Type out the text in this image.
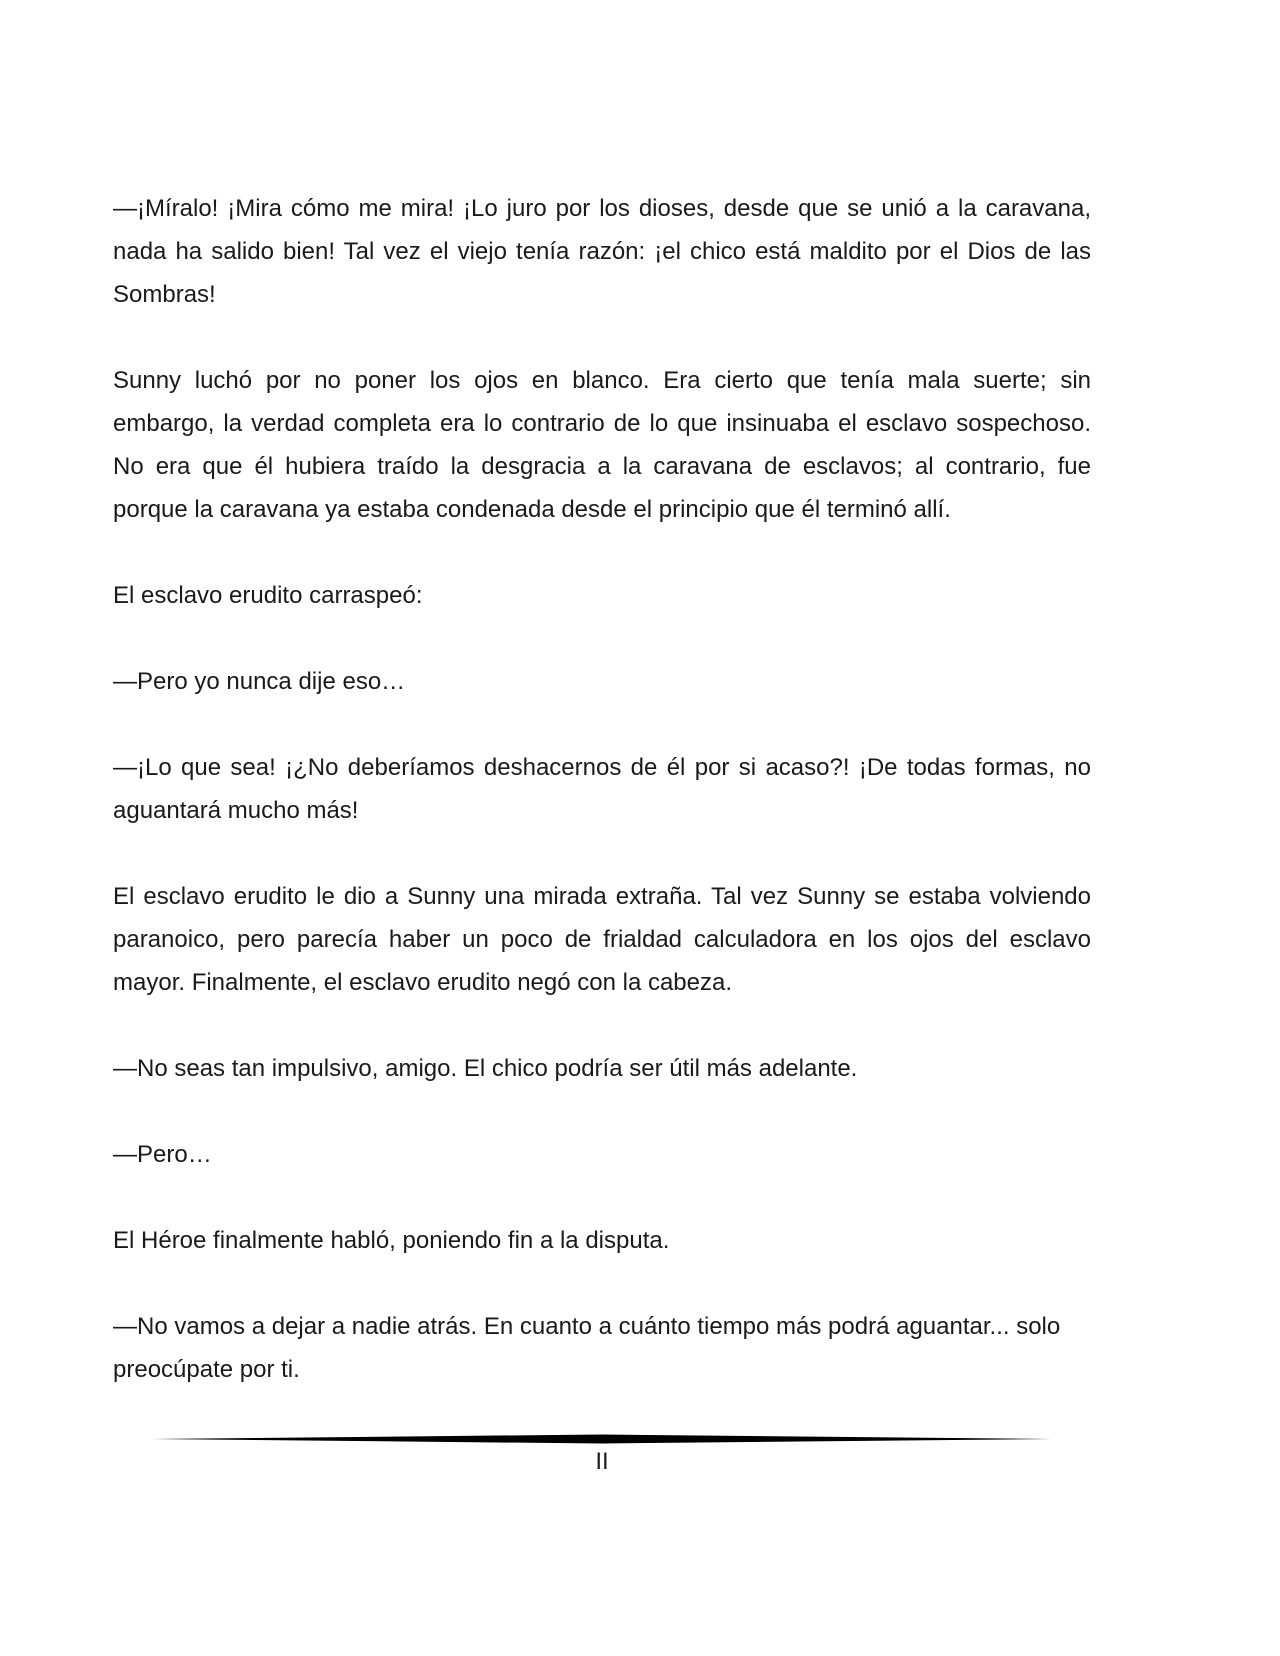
—¡Míralo! ¡Mira cómo me mira! ¡Lo juro por los dioses, desde que se unió a la caravana, nada ha salido bien! Tal vez el viejo tenía razón: ¡el chico está maldito por el Dios de las Sombras!

Sunny luchó por no poner los ojos en blanco. Era cierto que tenía mala suerte; sin embargo, la verdad completa era lo contrario de lo que insinuaba el esclavo sospechoso. No era que él hubiera traído la desgracia a la caravana de esclavos; al contrario, fue porque la caravana ya estaba condenada desde el principio que él terminó allí.

El esclavo erudito carraspeó:

—Pero yo nunca dije eso…

—¡Lo que sea! ¡¿No deberíamos deshacernos de él por si acaso?! ¡De todas formas, no aguantará mucho más!

El esclavo erudito le dio a Sunny una mirada extraña. Tal vez Sunny se estaba volviendo paranoico, pero parecía haber un poco de frialdad calculadora en los ojos del esclavo mayor. Finalmente, el esclavo erudito negó con la cabeza.

—No seas tan impulsivo, amigo. El chico podría ser útil más adelante.

—Pero…

El Héroe finalmente habló, poniendo fin a la disputa.

—No vamos a dejar a nadie atrás. En cuanto a cuánto tiempo más podrá aguantar... solo preocúpate por ti.

II
